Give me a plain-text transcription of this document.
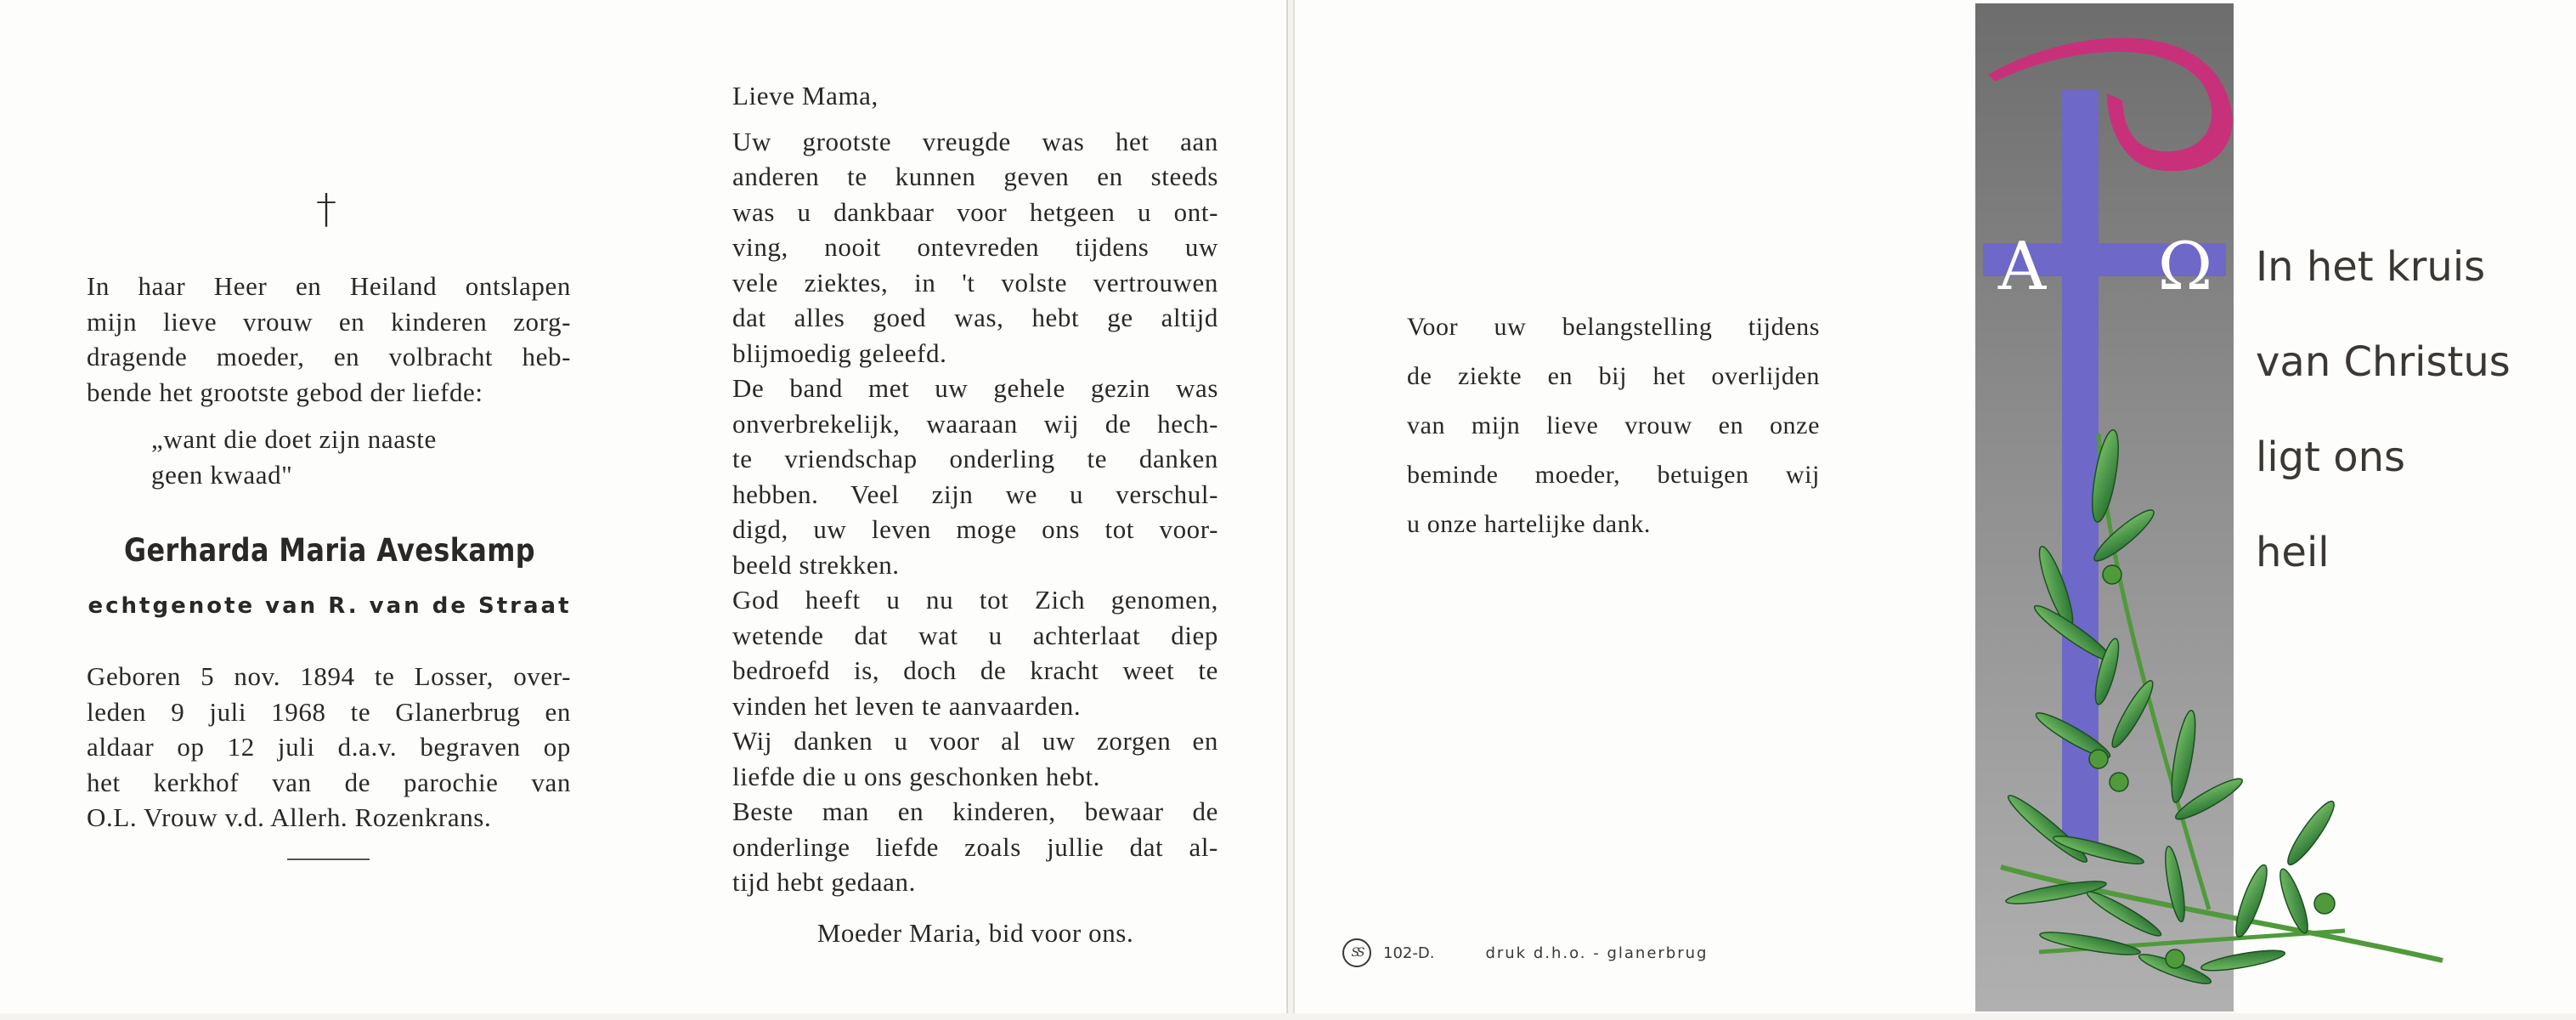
†
In haar Heer en Heiland ontslapen
mijn lieve vrouw en kinderen zorg-
dragende moeder, en volbracht heb-
bende het grootste gebod der liefde:
„want die doet zijn naaste
geen kwaad"
Gerharda Maria Aveskamp
echtgenote van R. van de Straat
Geboren 5 nov. 1894 te Losser, over-
leden 9 juli 1968 te Glanerbrug en
aldaar op 12 juli d.a.v. begraven op
het kerkhof van de parochie van
O.L. Vrouw v.d. Allerh. Rozenkrans.
Lieve Mama,
Uw grootste vreugde was het aan
anderen te kunnen geven en steeds
was u dankbaar voor hetgeen u ont-
ving, nooit ontevreden tijdens uw
vele ziektes, in 't volste vertrouwen
dat alles goed was, hebt ge altijd
blijmoedig geleefd.
De band met uw gehele gezin was
onverbrekelijk, waaraan wij de hech-
te vriendschap onderling te danken
hebben. Veel zijn we u verschul-
digd, uw leven moge ons tot voor-
beeld strekken.
God heeft u nu tot Zich genomen,
wetende dat wat u achterlaat diep
bedroefd is, doch de kracht weet te
vinden het leven te aanvaarden.
Wij danken u voor al uw zorgen en
liefde die u ons geschonken hebt.
Beste man en kinderen, bewaar de
onderlinge liefde zoals jullie dat al-
tijd hebt gedaan.
Moeder Maria, bid voor ons.
Voor uw belangstelling tijdens
de ziekte en bij het overlijden
van mijn lieve vrouw en onze
beminde moeder, betuigen wij
u onze hartelijke dank.
SS	102-D.	druk d.h.o. - glanerbrug
Α Ω In het kruis
van Christus
ligt ons
heil
